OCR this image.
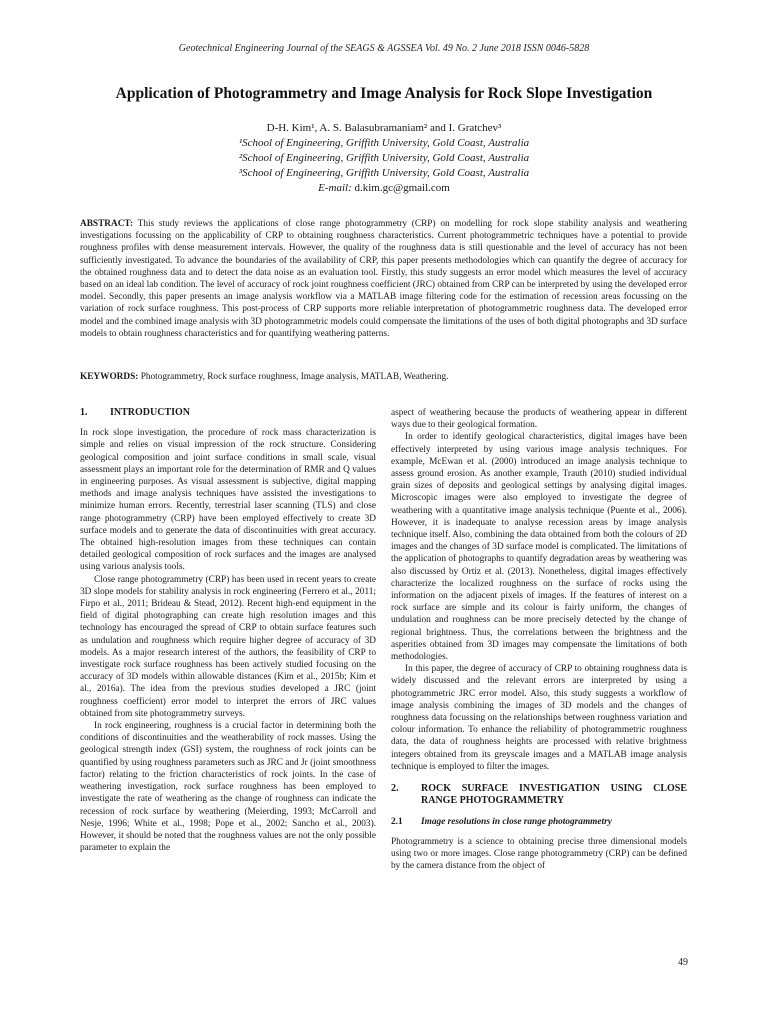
Geotechnical Engineering Journal of the SEAGS & AGSSEA Vol. 49 No. 2 June 2018 ISSN 0046-5828
Application of Photogrammetry and Image Analysis for Rock Slope Investigation
D-H. Kim¹, A. S. Balasubramaniam² and I. Gratchev³
¹School of Engineering, Griffith University, Gold Coast, Australia
²School of Engineering, Griffith University, Gold Coast, Australia
³School of Engineering, Griffith University, Gold Coast, Australia
E-mail: d.kim.gc@gmail.com
ABSTRACT: This study reviews the applications of close range photogrammetry (CRP) on modelling for rock slope stability analysis and weathering investigations focussing on the applicability of CRP to obtaining roughness characteristics. Current photogrammetric techniques have a potential to provide roughness profiles with dense measurement intervals. However, the quality of the roughness data is still questionable and the level of accuracy has not been sufficiently investigated. To advance the boundaries of the availability of CRP, this paper presents methodologies which can quantify the degree of accuracy for the obtained roughness data and to detect the data noise as an evaluation tool. Firstly, this study suggests an error model which measures the level of accuracy based on an ideal lab condition. The level of accuracy of rock joint roughness coefficient (JRC) obtained from CRP can be interpreted by using the developed error model. Secondly, this paper presents an image analysis workflow via a MATLAB image filtering code for the estimation of recession areas focussing on the variation of rock surface roughness. This post-process of CRP supports more reliable interpretation of photogrammetric roughness data. The developed error model and the combined image analysis with 3D photogrammetric models could compensate the limitations of the uses of both digital photographs and 3D surface models to obtain roughness characteristics and for quantifying weathering patterns.
KEYWORDS: Photogrammetry, Rock surface roughness, Image analysis, MATLAB, Weathering.
1.	INTRODUCTION

In rock slope investigation, the procedure of rock mass characterization is simple and relies on visual impression of the rock structure. Considering geological composition and joint surface conditions in small scale, visual assessment plays an important role for the determination of RMR and Q values in engineering purposes. As visual assessment is subjective, digital mapping methods and image analysis techniques have assisted the investigations to minimize human errors. Recently, terrestrial laser scanning (TLS) and close range photogrammetry (CRP) have been employed effectively to create 3D surface models and to generate the data of discontinuities with great accuracy. The obtained high-resolution images from these techniques can contain detailed geological composition of rock surfaces and the images are analysed using various analysis tools.

Close range photogrammetry (CRP) has been used in recent years to create 3D slope models for stability analysis in rock engineering (Ferrero et al., 2011; Firpo et al., 2011; Brideau & Stead, 2012). Recent high-end equipment in the field of digital photographing can create high resolution images and this technology has encouraged the spread of CRP to obtain surface features such as undulation and roughness which require higher degree of accuracy of 3D models. As a major research interest of the authors, the feasibility of CRP to investigate rock surface roughness has been actively studied focusing on the accuracy of 3D models within allowable distances (Kim et al., 2015b; Kim et al., 2016a). The idea from the previous studies developed a JRC (joint roughness coefficient) error model to interpret the errors of JRC values obtained from site photogrammetry surveys.

In rock engineering, roughness is a crucial factor in determining both the conditions of discontinuities and the weatherability of rock masses. Using the geological strength index (GSI) system, the roughness of rock joints can be quantified by using roughness parameters such as JRC and Jr (joint smoothness factor) relating to the friction characteristics of rock joints. In the case of weathering investigation, rock surface roughness has been employed to investigate the rate of weathering as the change of roughness can indicate the recession of rock surface by weathering (Meierding, 1993; McCarroll and Nesje, 1996; White et al., 1998; Pope et al., 2002; Sancho et al., 2003). However, it should be noted that the roughness values are not the only possible parameter to explain the

aspect of weathering because the products of weathering appear in different ways due to their geological formation.

In order to identify geological characteristics, digital images have been effectively interpreted by using various image analysis techniques. For example, McEwan et al. (2000) introduced an image analysis technique to assess ground erosion. As another example, Trauth (2010) studied individual grain sizes of deposits and geological settings by analysing digital images. Microscopic images were also employed to investigate the degree of weathering with a quantitative image analysis technique (Puente et al., 2006). However, it is inadequate to analyse recession areas by image analysis technique itself. Also, combining the data obtained from both the colours of 2D images and the changes of 3D surface model is complicated. The limitations of the application of photographs to quantify degradation areas by weathering was also discussed by Ortiz et al. (2013). Nonetheless, digital images effectively characterize the localized roughness on the surface of rocks using the information on the adjacent pixels of images. If the features of interest on a rock surface are simple and its colour is fairly uniform, the changes of undulation and roughness can be more precisely detected by the change of regional brightness. Thus, the correlations between the brightness and the asperities obtained from 3D images may compensate the limitations of both methodologies.

In this paper, the degree of accuracy of CRP to obtaining roughness data is widely discussed and the relevant errors are interpreted by using a photogrammetric JRC error model. Also, this study suggests a workflow of image analysis combining the images of 3D models and the changes of roughness data focussing on the relationships between roughness variation and colour information. To enhance the reliability of photogrammetric roughness data, the data of roughness heights are processed with relative brightness integers obtained from its greyscale images and a MATLAB image analysis technique is employed to filter the images.

2.	ROCK SURFACE INVESTIGATION USING CLOSE RANGE PHOTOGRAMMETRY
2.1	Image resolutions in close range photogrammetry

Photogrammetry is a science to obtaining precise three dimensional models using two or more images. Close range photogrammetry (CRP) can be defined by the camera distance from the object of

49
